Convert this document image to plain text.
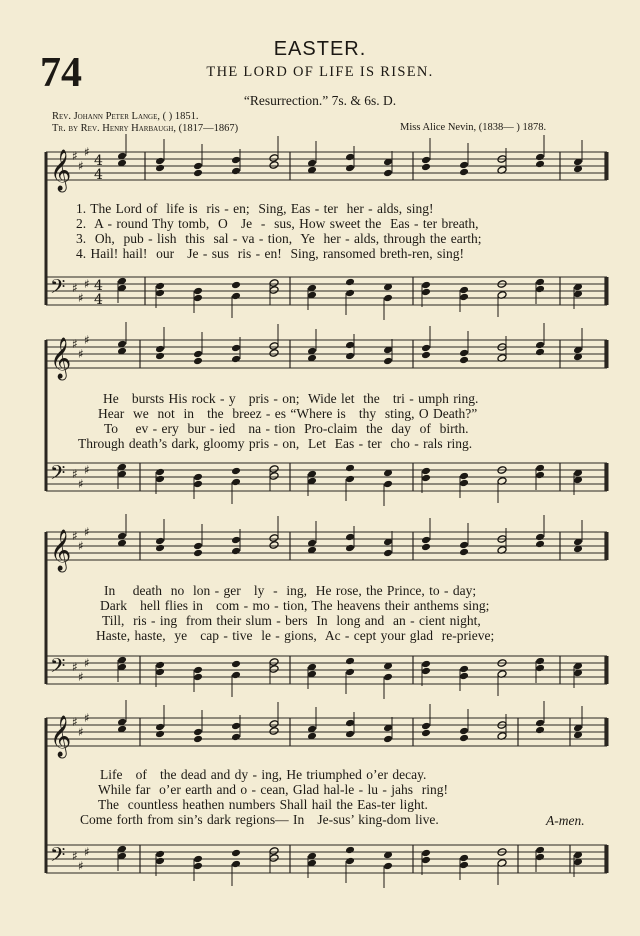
74
EASTER.
THE LORD OF LIFE IS RISEN.
“Resurrection.” 7s. & 6s. D.
Rev. Johann Peter Lange, ( ) 1851.
Tr. by Rev. Henry Harbaugh, (1817—1867)	Miss Alice Nevin, (1838— ) 1878.
𝄞 ♯
♯
♯
4
4
𝄢 ♯
♯
♯ 4
4
𝄞 ♯
♯
♯
𝄢 ♯
♯
♯
𝄞 ♯
♯
♯
𝄢 ♯
♯
♯
𝄞 ♯
♯
♯
𝄢 ♯
♯
♯
1. The Lord of  life is  ris - en;  Sing, Eas - ter  her - alds, sing!
2.  A - round Thy tomb,  O   Je  -  sus, How sweet the  Eas - ter breath,
3.  Oh,  pub - lish  this  sal - va - tion,  Ye  her - alds, through the earth;
4. Hail! hail!  our   Je - sus  ris - en!  Sing, ransomed breth-ren, sing!
He   bursts His rock - y   pris - on;  Wide let  the   tri - umph ring.
Hear  we  not  in   the  breez - es “Where is   thy  sting, O Death?”
To    ev - ery  bur - ied   na - tion  Pro-claim  the  day  of  birth.
Through death’s dark, gloomy pris - on,  Let  Eas - ter  cho - rals ring.
In    death  no  lon - ger   ly  -  ing,  He rose, the Prince, to - day;
Dark   hell flies in   com - mo - tion, The heavens their anthems sing;
Till,  ris - ing  from their slum - bers  In  long and  an - cient night,
Haste, haste,  ye   cap - tive  le - gions,  Ac - cept your glad  re-prieve;
Life   of   the dead and dy - ing, He triumphed o’er decay.
While far  o’er earth and o - cean, Glad hal-le - lu - jahs  ring!
The  countless heathen numbers Shall hail the Eas-ter light.
Come forth from sin’s dark regions— In   Je-sus’ king-dom live.	A-men.
